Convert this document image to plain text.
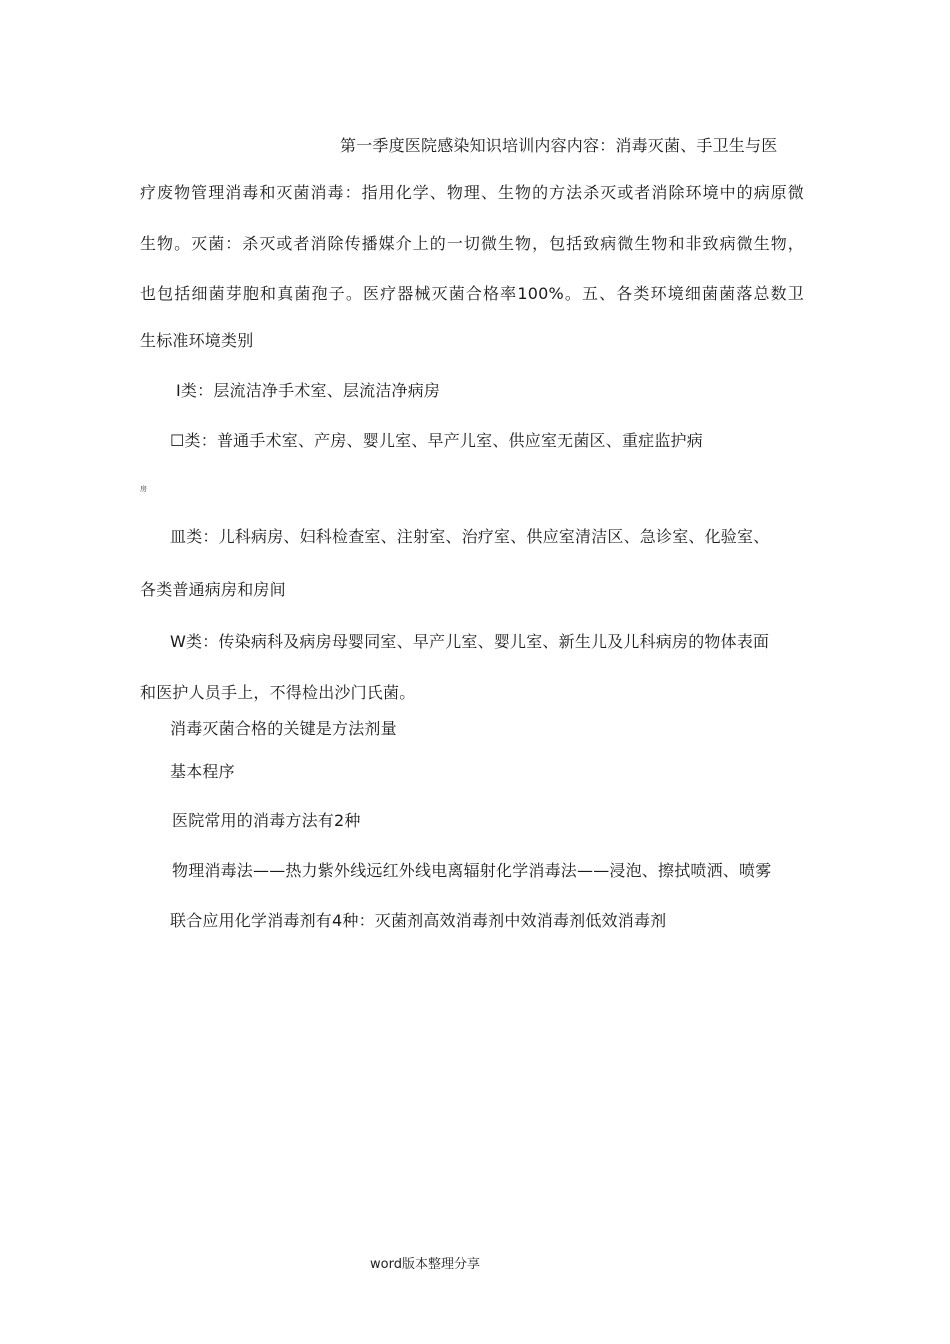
第一季度医院感染知识培训内容内容：消毒灭菌、手卫生与医
疗废物管理消毒和灭菌消毒：指用化学、物理、生物的方法杀灭或者消除环境中的病原微
生物。灭菌：杀灭或者消除传播媒介上的一切微生物，包括致病微生物和非致病微生物，
也包括细菌芽胞和真菌孢子。医疗器械灭菌合格率100%。五、各类环境细菌菌落总数卫
生标准环境类别
I类：层流洁净手术室、层流洁净病房
☐类：普通手术室、产房、婴儿室、早产儿室、供应室无菌区、重症监护病
房
皿类：儿科病房、妇科检查室、注射室、治疗室、供应室清洁区、急诊室、化验室、
各类普通病房和房间
W类：传染病科及病房母婴同室、早产儿室、婴儿室、新生儿及儿科病房的物体表面
和医护人员手上，不得检出沙门氏菌。
消毒灭菌合格的关键是方法剂量
基本程序
医院常用的消毒方法有2种
物理消毒法——热力紫外线远红外线电离辐射化学消毒法——浸泡、擦拭喷洒、喷雾
联合应用化学消毒剂有4种：灭菌剂高效消毒剂中效消毒剂低效消毒剂
word版本整理分享
